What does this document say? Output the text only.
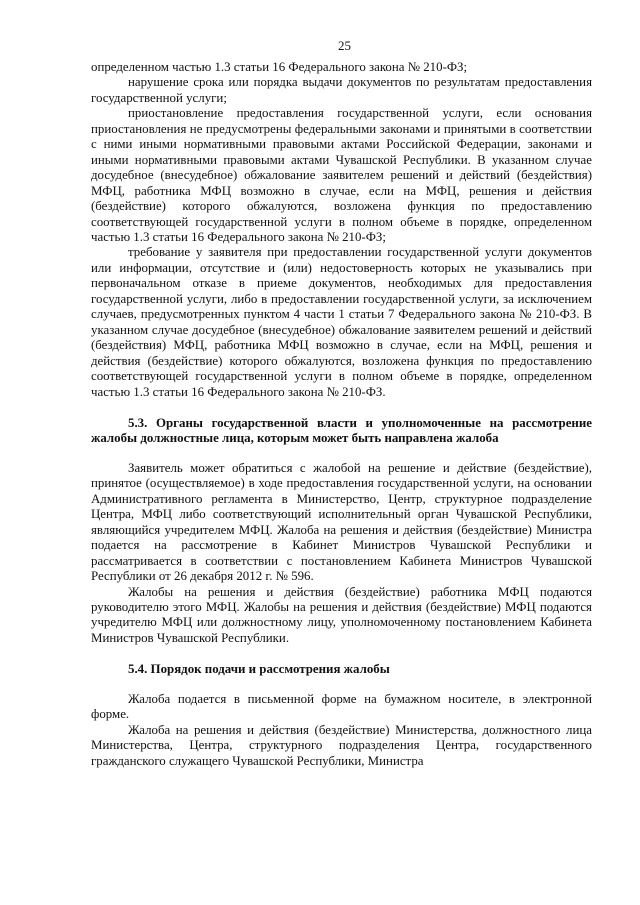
25

определенном частью 1.3 статьи 16 Федерального закона № 210-ФЗ;

нарушение срока или порядка выдачи документов по результатам предоставления государственной услуги;

приостановление предоставления государственной услуги, если основания приостановления не предусмотрены федеральными законами и принятыми в соответствии с ними иными нормативными правовыми актами Российской Федерации, законами и иными нормативными правовыми актами Чувашской Республики. В указанном случае досудебное (внесудебное) обжалование заявителем решений и действий (бездействия) МФЦ, работника МФЦ возможно в случае, если на МФЦ, решения и действия (бездействие) которого обжалуются, возложена функция по предоставлению соответствующей государственной услуги в полном объеме в порядке, определенном частью 1.3 статьи 16 Федерального закона № 210-ФЗ;

требование у заявителя при предоставлении государственной услуги документов или информации, отсутствие и (или) недостоверность которых не указывались при первоначальном отказе в приеме документов, необходимых для предоставления государственной услуги, либо в предоставлении государственной услуги, за исключением случаев, предусмотренных пунктом 4 части 1 статьи 7 Федерального закона № 210-ФЗ. В указанном случае досудебное (внесудебное) обжалование заявителем решений и действий (бездействия) МФЦ, работника МФЦ возможно в случае, если на МФЦ, решения и действия (бездействие) которого обжалуются, возложена функция по предоставлению соответствующей государственной услуги в полном объеме в порядке, определенном частью 1.3 статьи 16 Федерального закона № 210-ФЗ.

5.3. Органы государственной власти и уполномоченные на рассмотрение жалобы должностные лица, которым может быть направлена жалоба

Заявитель может обратиться с жалобой на решение и действие (бездействие), принятое (осуществляемое) в ходе предоставления государственной услуги, на основании Административного регламента в Министерство, Центр, структурное подразделение Центра, МФЦ либо соответствующий исполнительный орган Чувашской Республики, являющийся учредителем МФЦ. Жалоба на решения и действия (бездействие) Министра подается на рассмотрение в Кабинет Министров Чувашской Республики и рассматривается в соответствии с постановлением Кабинета Министров Чувашской Республики от 26 декабря 2012 г. № 596.

Жалобы на решения и действия (бездействие) работника МФЦ подаются руководителю этого МФЦ. Жалобы на решения и действия (бездействие) МФЦ подаются учредителю МФЦ или должностному лицу, уполномоченному постановлением Кабинета Министров Чувашской Республики.

5.4. Порядок подачи и рассмотрения жалобы

Жалоба подается в письменной форме на бумажном носителе, в электронной форме.

Жалоба на решения и действия (бездействие) Министерства, должностного лица Министерства, Центра, структурного подразделения Центра, государственного гражданского служащего Чувашской Республики, Министра
